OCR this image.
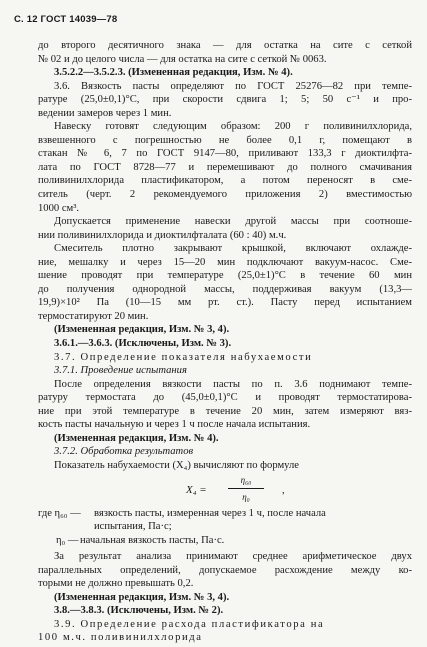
С. 12 ГОСТ 14039—78
до второго десятичного знака — для остатка на сите с сеткой
№ 02 и до целого числа — для остатка на сите с сеткой № 0063.
3.5.2.2—3.5.2.3. (Измененная редакция, Изм. № 4).
3.6. Вязкость пасты определяют по ГОСТ 25276—82 при темпе-
ратуре (25,0±0,1)°С, при скорости сдвига 1; 5; 50 с⁻¹ и про-
ведении замеров через 1 мин.
Навеску готовят следующим образом: 200 г поливинилхлорида,
взвешенного с погрешностью не более 0,1 г, помещают в
стакан № 6, 7 по ГОСТ 9147—80, приливают 133,3 г диоктилфта-
лата по ГОСТ 8728—77 и перемешивают до полного смачивания
поливинилхлорида пластификатором, а потом переносят в сме-
ситель (черт. 2 рекомендуемого приложения 2) вместимостью
1000 см³.
Допускается применение навески другой массы при соотноше-
нии поливинилхлорида и диоктилфталата (60 : 40) м.ч.
Смеситель плотно закрывают крышкой, включают охлажде-
ние, мешалку и через 15—20 мин подключают вакуум-насос. Сме-
шение проводят при температуре (25,0±1)°С в течение 60 мин
до получения однородной массы, поддерживая вакуум (13,3—
19,9)×10² Па (10—15 мм рт. ст.). Пасту перед испытанием
термостатируют 20 мин.
(Измененная редакция, Изм. № 3, 4).
3.6.1.—3.6.3. (Исключены, Изм. № 3).
3.7. Определение показателя набухаемости
3.7.1. Проведение испытания
После определения вязкости пасты по п. 3.6 поднимают темпе-
ратуру термостата до (45,0±0,1)°С и проводят термостатирова-
ние при этой температуре в течение 20 мин, затем измеряют вяз-
кость пасты начальную и через 1 ч после начала испытания.
(Измененная редакция, Изм. № 4).
3.7.2. Обработка результатов
Показатель набухаемости (X₄) вычисляют по формуле
$X_4 = \frac{\text{η₆₀}}{\text{η₀}}$ ,
где η₆₀ — вязкость пасты, измеренная через 1 ч, после начала
испытания, Па·с;
η₀ — начальная вязкость пасты, Па·с.
За результат анализа принимают среднее арифметическое двух
параллельных определений, допускаемое расхождение между ко-
торыми не должно превышать 0,2.
(Измененная редакция, Изм. № 3, 4).
3.8.—3.8.3. (Исключены, Изм. № 2).
3.9. Определение расхода пластификатора на
100 м.ч. поливинилхлорида
